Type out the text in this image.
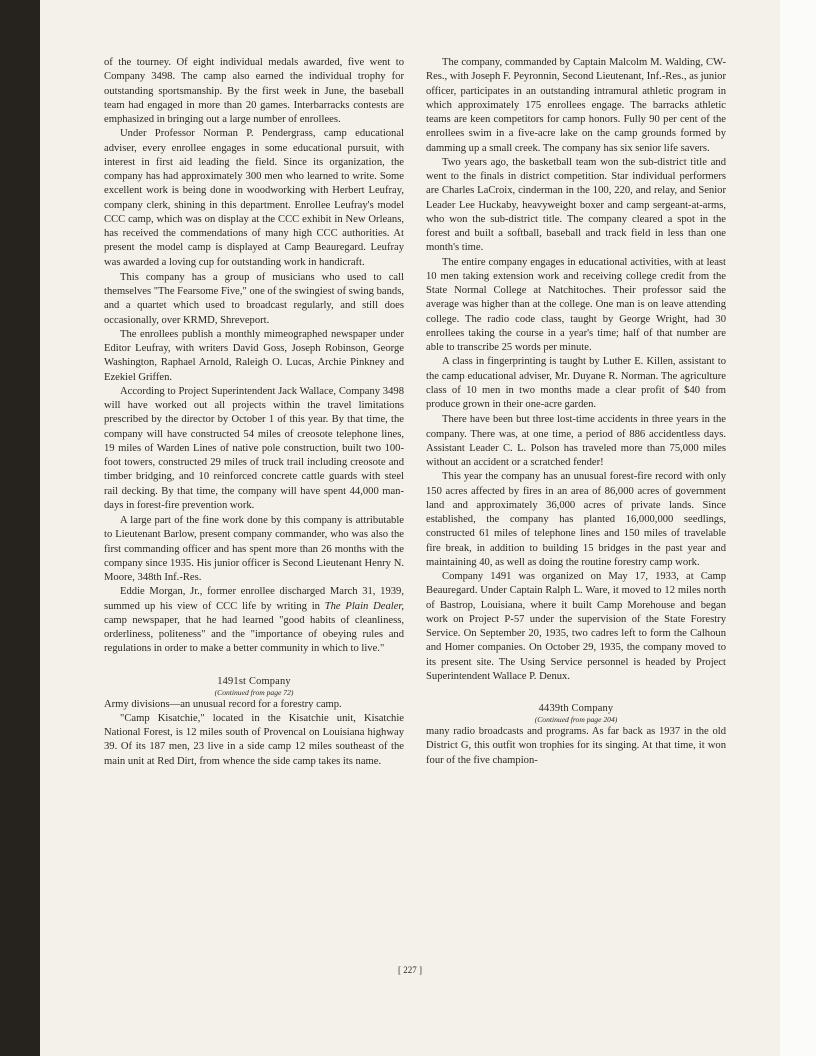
of the tourney. Of eight individual medals awarded, five went to Company 3498. The camp also earned the individual trophy for outstanding sportsmanship. By the first week in June, the baseball team had engaged in more than 20 games. Interbarracks contests are emphasized in bringing out a large number of enrollees.

Under Professor Norman P. Pendergrass, camp educational adviser, every enrollee engages in some educational pursuit, with interest in first aid leading the field. Since its organization, the company has had approximately 300 men who learned to write. Some excellent work is being done in woodworking with Herbert Leufray, company clerk, shining in this department. Enrollee Leufray's model CCC camp, which was on display at the CCC exhibit in New Orleans, has received the commendations of many high CCC authorities. At present the model camp is displayed at Camp Beauregard. Leufray was awarded a loving cup for outstanding work in handicraft.

This company has a group of musicians who used to call themselves "The Fearsome Five," one of the swingiest of swing bands, and a quartet which used to broadcast regularly, and still does occasionally, over KRMD, Shreveport.

The enrollees publish a monthly mimeographed newspaper under Editor Leufray, with writers David Goss, Joseph Robinson, George Washington, Raphael Arnold, Raleigh O. Lucas, Archie Pinkney and Ezekiel Griffen.

According to Project Superintendent Jack Wallace, Company 3498 will have worked out all projects within the travel limitations prescribed by the director by October 1 of this year. By that time, the company will have constructed 54 miles of creosote telephone lines, 19 miles of Warden Lines of native pole construction, built two 100-foot towers, constructed 29 miles of truck trail including creosote and timber bridging, and 10 reinforced concrete cattle guards with steel rail decking. By that time, the company will have spent 44,000 man-days in forest-fire prevention work.

A large part of the fine work done by this company is attributable to Lieutenant Barlow, present company commander, who was also the first commanding officer and has spent more than 26 months with the company since 1935. His junior officer is Second Lieutenant Henry N. Moore, 348th Inf.-Res.

Eddie Morgan, Jr., former enrollee discharged March 31, 1939, summed up his view of CCC life by writing in The Plain Dealer, camp newspaper, that he had learned "good habits of cleanliness, orderliness, politeness" and the "importance of obeying rules and regulations in order to make a better community in which to live."

1491st Company
(Continued from page 72)

Army divisions—an unusual record for a forestry camp.

"Camp Kisatchie," located in the Kisatchie unit, Kisatchie National Forest, is 12 miles south of Provencal on Louisiana highway 39. Of its 187 men, 23 live in a side camp 12 miles southeast of the main unit at Red Dirt, from whence the side camp takes its name.

The company, commanded by Captain Malcolm M. Walding, CW-Res., with Joseph F. Peyronnin, Second Lieutenant, Inf.-Res., as junior officer, participates in an outstanding intramural athletic program in which approximately 175 enrollees engage. The barracks athletic teams are keen competitors for camp honors. Fully 90 per cent of the enrollees swim in a five-acre lake on the camp grounds formed by damming up a small creek. The company has six senior life savers.

Two years ago, the basketball team won the sub-district title and went to the finals in district competition. Star individual performers are Charles LaCroix, cinderman in the 100, 220, and relay, and Senior Leader Lee Huckaby, heavyweight boxer and camp sergeant-at-arms, who won the sub-district title. The company cleared a spot in the forest and built a softball, baseball and track field in less than one month's time.

The entire company engages in educational activities, with at least 10 men taking extension work and receiving college credit from the State Normal College at Natchitoches. Their professor said the average was higher than at the college. One man is on leave attending college. The radio code class, taught by George Wright, had 30 enrollees taking the course in a year's time; half of that number are able to transcribe 25 words per minute.

A class in fingerprinting is taught by Luther E. Killen, assistant to the camp educational adviser, Mr. Duyane R. Norman. The agriculture class of 10 men in two months made a clear profit of $40 from produce grown in their one-acre garden.

There have been but three lost-time accidents in three years in the company. There was, at one time, a period of 886 accidentless days. Assistant Leader C. L. Polson has traveled more than 75,000 miles without an accident or a scratched fender!

This year the company has an unusual forest-fire record with only 150 acres affected by fires in an area of 86,000 acres of government land and approximately 36,000 acres of private lands. Since established, the company has planted 16,000,000 seedlings, constructed 61 miles of telephone lines and 150 miles of travelable fire break, in addition to building 15 bridges in the past year and maintaining 40, as well as doing the routine forestry camp work.

Company 1491 was organized on May 17, 1933, at Camp Beauregard. Under Captain Ralph L. Ware, it moved to 12 miles north of Bastrop, Louisiana, where it built Camp Morehouse and began work on Project P-57 under the supervision of the State Forestry Service. On September 20, 1935, two cadres left to form the Calhoun and Homer companies. On October 29, 1935, the company moved to its present site. The Using Service personnel is headed by Project Superintendent Wallace P. Denux.

4439th Company
(Continued from page 204)

many radio broadcasts and programs. As far back as 1937 in the old District G, this outfit won trophies for its singing. At that time, it won four of the five champion-

[ 227 ]
